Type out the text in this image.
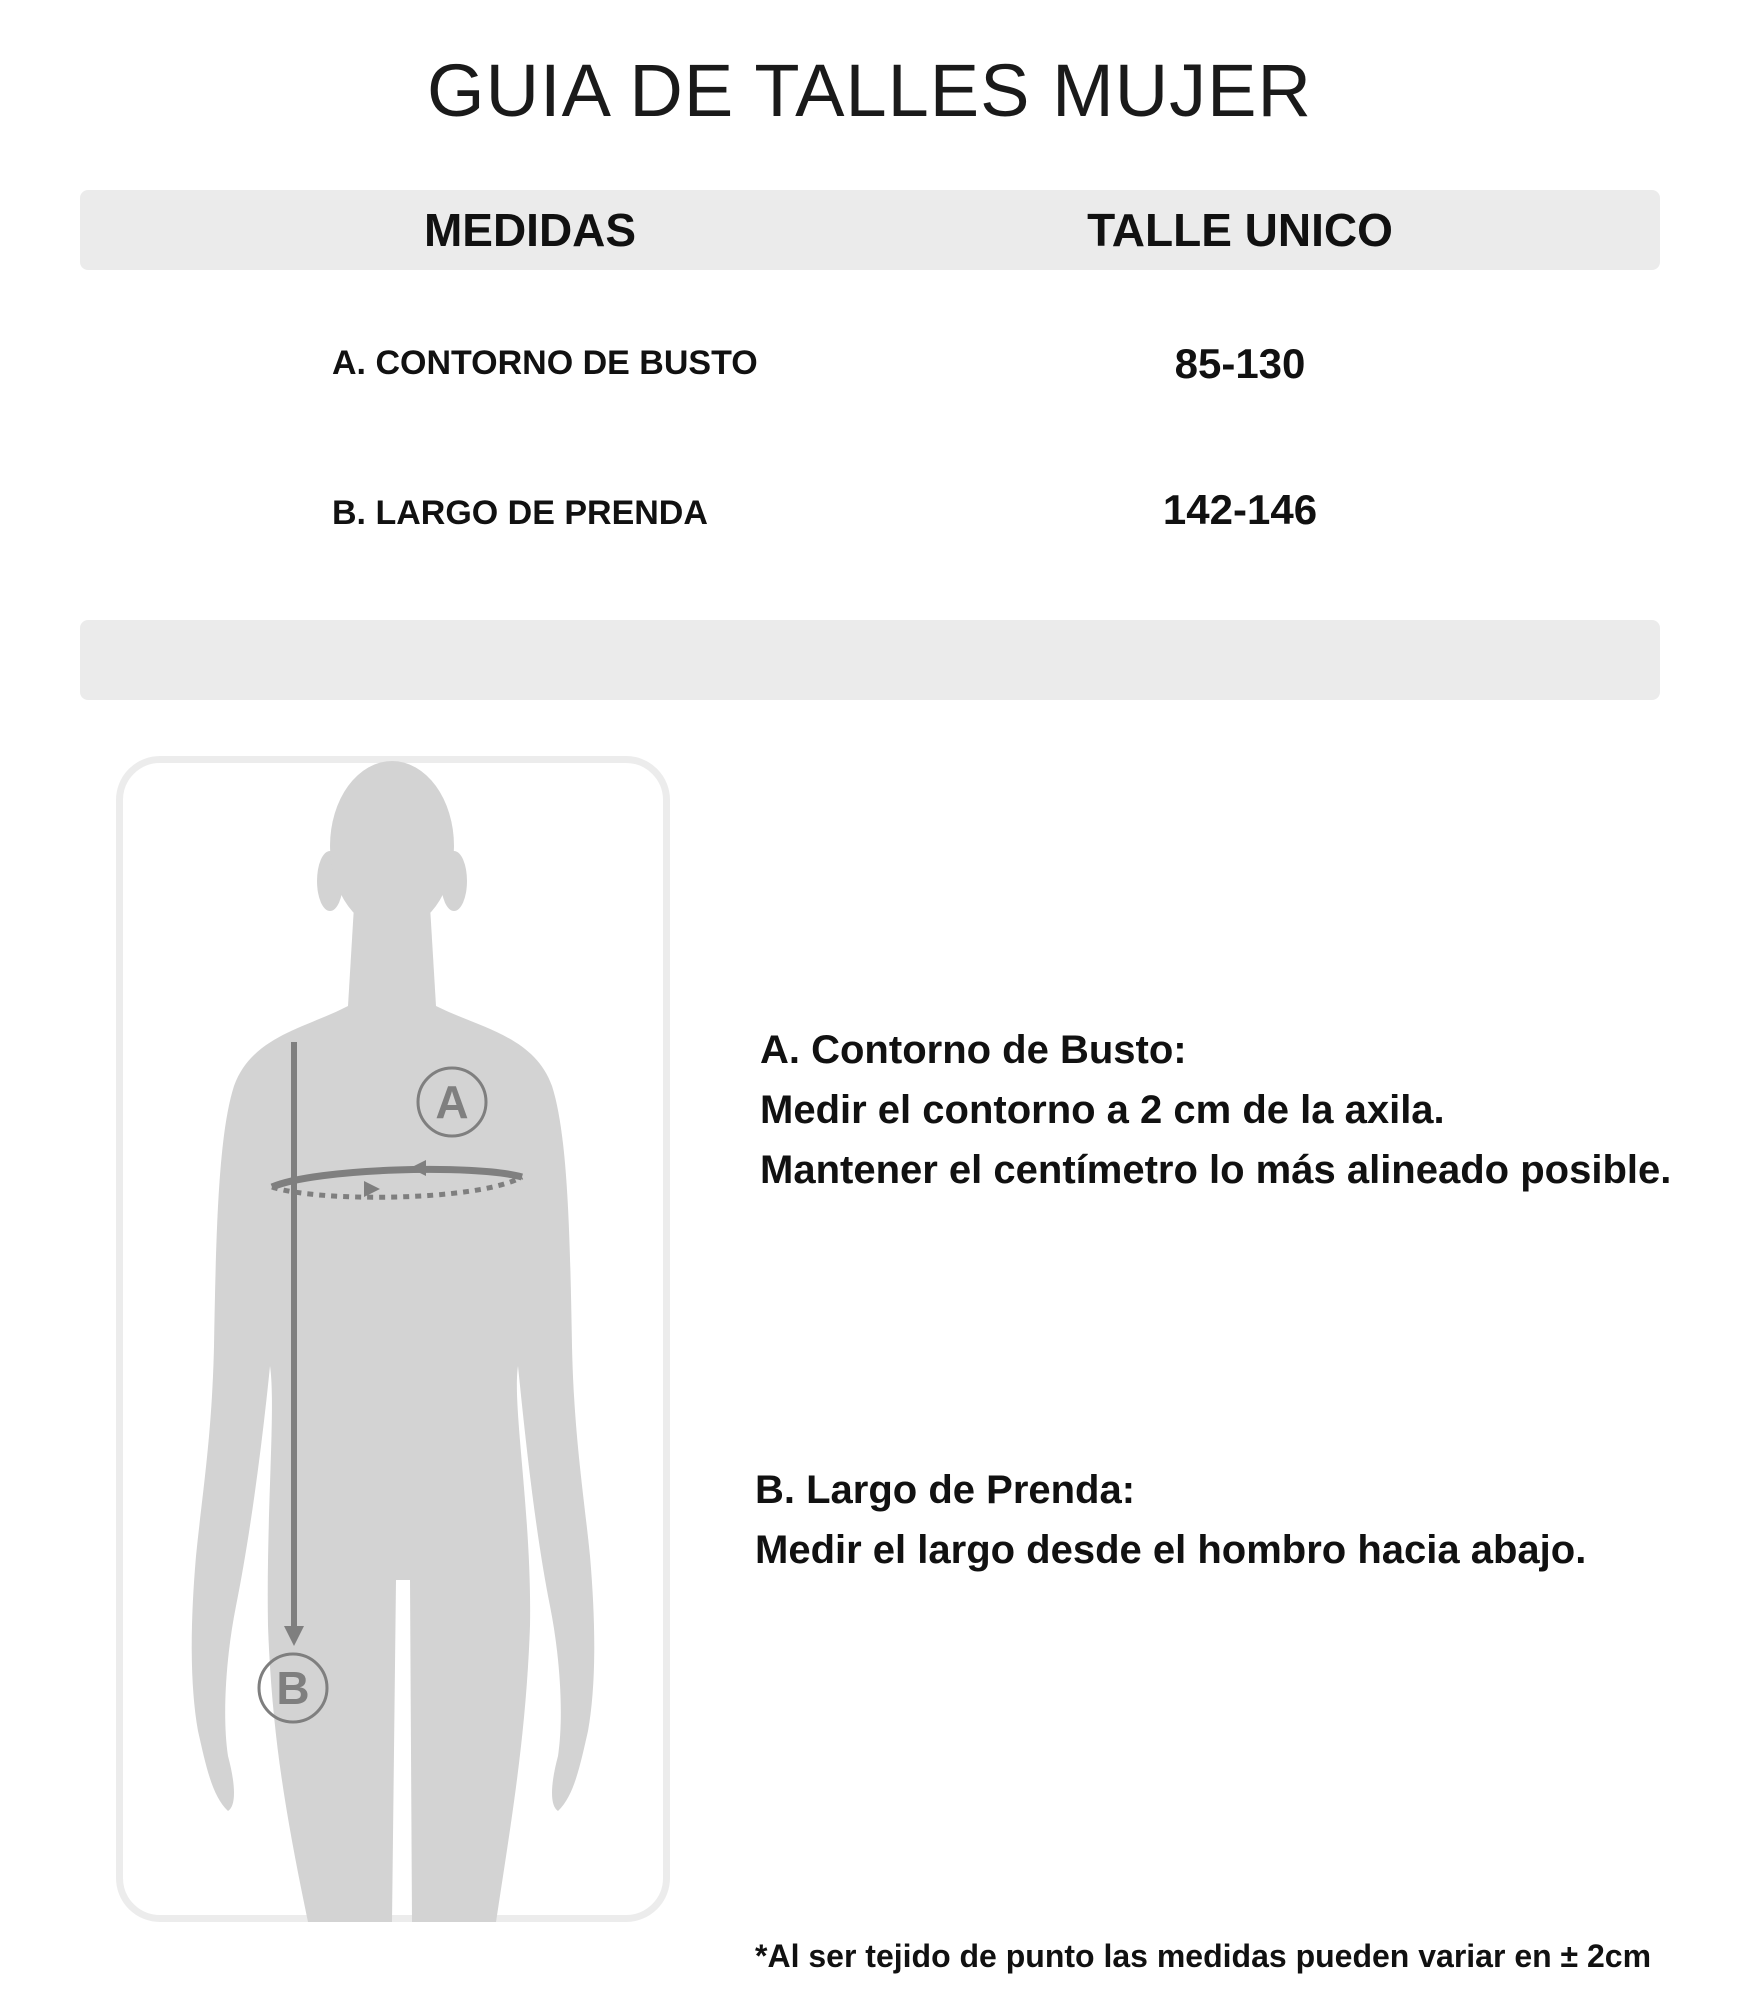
GUIA DE TALLES MUJER
MEDIDAS	TALLE UNICO
A. CONTORNO DE BUSTO	85-130
B. LARGO DE PRENDA	142-146
A
B
A. Contorno de Busto:
Medir el contorno a 2 cm de la axila.
Mantener el centímetro lo más alineado posible.
B. Largo de Prenda:
Medir el largo desde el hombro hacia abajo.
*Al ser tejido de punto las medidas pueden variar en ± 2cm
